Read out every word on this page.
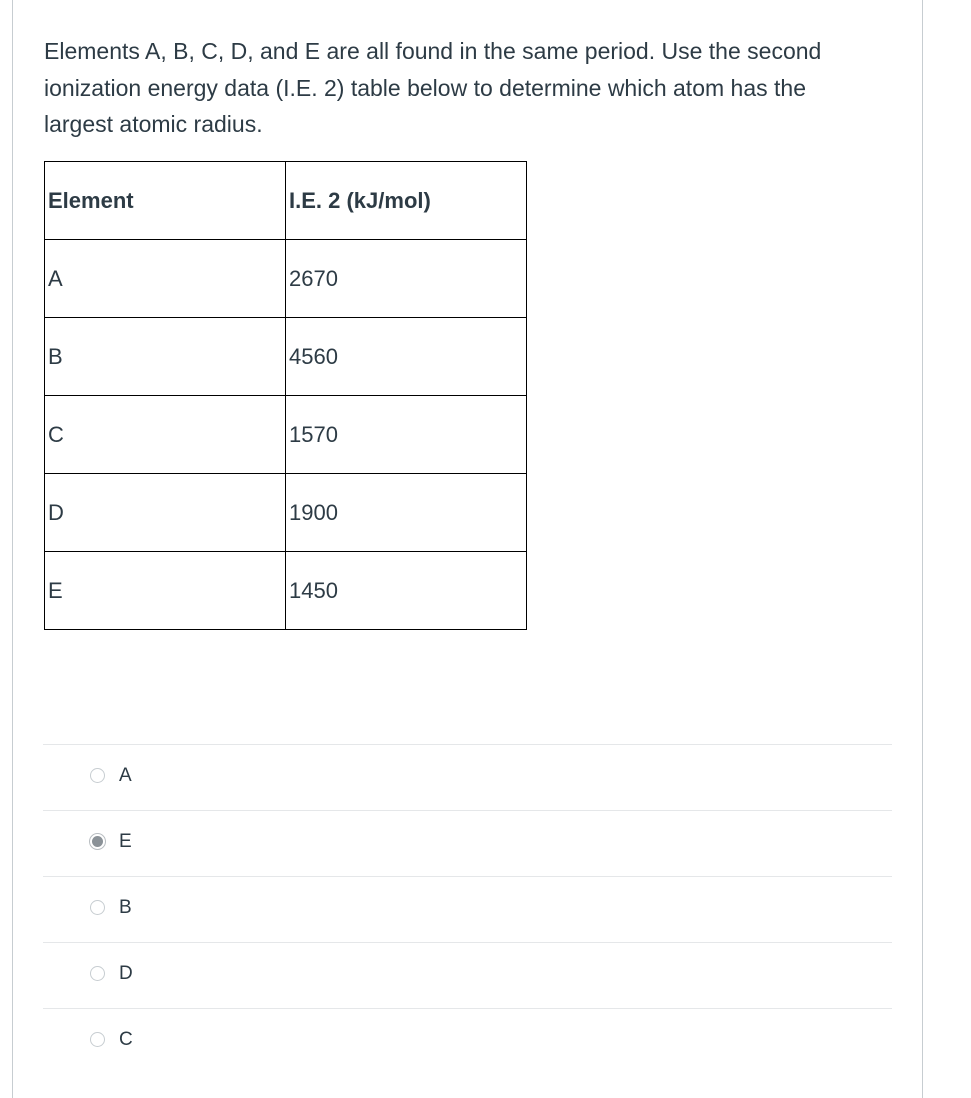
Elements A, B, C, D, and E are all found in the same period. Use the second ionization energy data (I.E. 2) table below to determine which atom has the largest atomic radius.
Element	I.E. 2 (kJ/mol)
A	2670
B	4560
C	1570
D	1900
E	1450
A
E
B
D
C
